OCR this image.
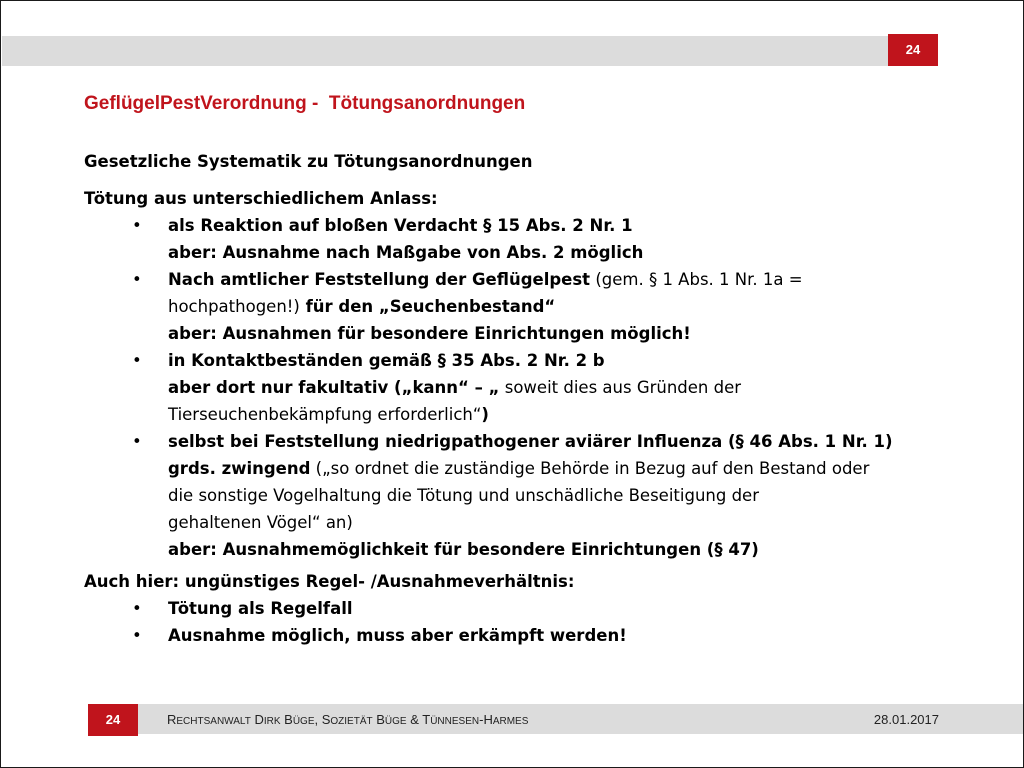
24
GeflügelPestVerordnung -  Tötungsanordnungen

Gesetzliche Systematik zu Tötungsanordnungen

Tötung aus unterschiedlichem Anlass:

• als Reaktion auf bloßen Verdacht § 15 Abs. 2 Nr. 1
aber: Ausnahme nach Maßgabe von Abs. 2 möglich
• Nach amtlicher Feststellung der Geflügelpest (gem. § 1 Abs. 1 Nr. 1a =
hochpathogen!) für den „Seuchenbestand“
aber: Ausnahmen für besondere Einrichtungen möglich!
• in Kontaktbeständen gemäß § 35 Abs. 2 Nr. 2 b
aber dort nur fakultativ („kann“ – „ soweit dies aus Gründen der
Tierseuchenbekämpfung erforderlich“)
• selbst bei Feststellung niedrigpathogener aviärer Influenza (§ 46 Abs. 1 Nr. 1)
grds. zwingend („so ordnet die zuständige Behörde in Bezug auf den Bestand oder
die sonstige Vogelhaltung die Tötung und unschädliche Beseitigung der
gehaltenen Vögel“ an)
aber: Ausnahmemöglichkeit für besondere Einrichtungen (§ 47)

Auch hier: ungünstiges Regel- /Ausnahmeverhältnis:

• Tötung als Regelfall
• Ausnahme möglich, muss aber erkämpft werden!
24	RECHTSANWALT DIRK BÜGE, SOZIETÄT BÜGE & TÜNNESEN-HARMES	28.01.2017
